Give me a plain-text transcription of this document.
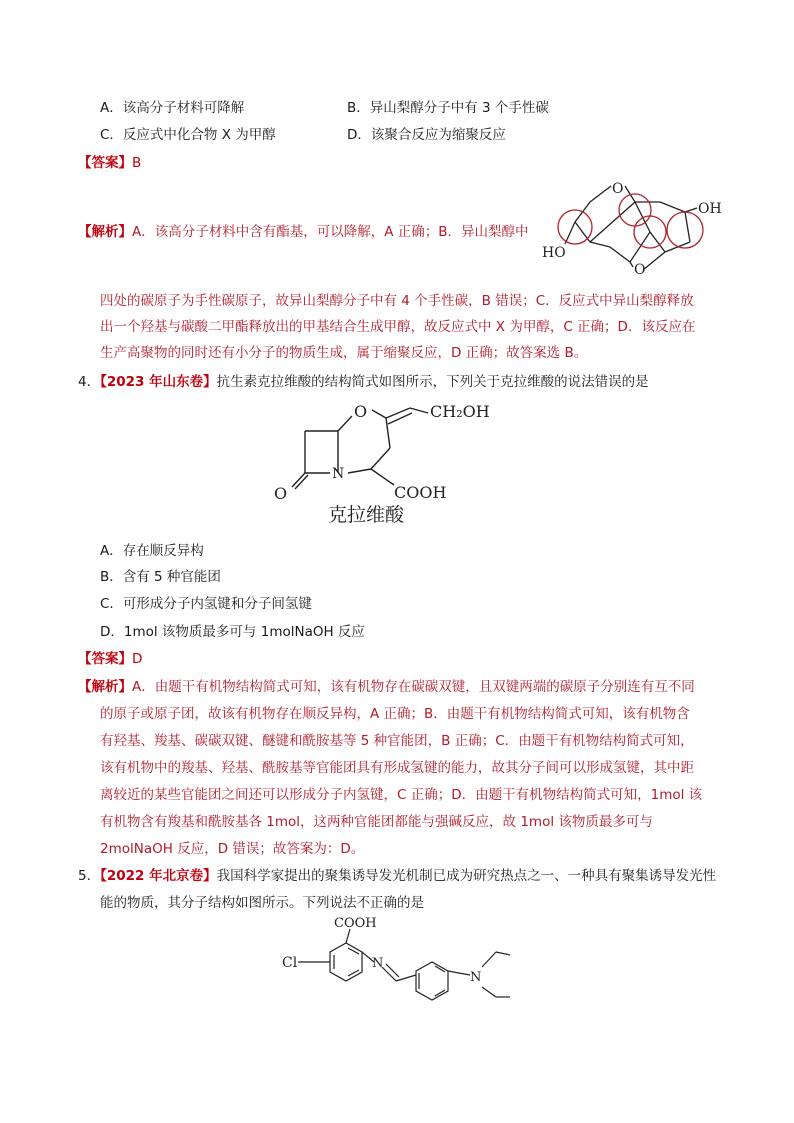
A．该高分子材料可降解	B．异山梨醇分子中有 3 个手性碳
C．反应式中化合物 X 为甲醇	D．该聚合反应为缩聚反应
【答案】B
【解析】A．该高分子材料中含有酯基，可以降解，A 正确；B．异山梨醇中
O
O
OH
HO
四处的碳原子为手性碳原子，故异山梨醇分子中有 4 个手性碳，B 错误；C．反应式中异山梨醇释放
出一个羟基与碳酸二甲酯释放出的甲基结合生成甲醇，故反应式中 X 为甲醇，C 正确；D．该反应在
生产高聚物的同时还有小分子的物质生成，属于缩聚反应，D 正确；故答案选 B。
4．【2023 年山东卷】抗生素克拉维酸的结构简式如图所示，下列关于克拉维酸的说法错误的是
O	CH₂OH
O
N
COOH
克拉维酸
A．存在顺反异构
B．含有 5 种官能团
C．可形成分子内氢键和分子间氢键
D．1mol 该物质最多可与 1molNaOH 反应
【答案】D
【解析】A．由题干有机物结构简式可知，该有机物存在碳碳双键，且双键两端的碳原子分别连有互不同
的原子或原子团，故该有机物存在顺反异构，A 正确；B．由题干有机物结构简式可知，该有机物含
有羟基、羧基、碳碳双键、醚键和酰胺基等 5 种官能团，B 正确；C．由题干有机物结构简式可知，
该有机物中的羧基、羟基、酰胺基等官能团具有形成氢键的能力，故其分子间可以形成氢键，其中距
离较近的某些官能团之间还可以形成分子内氢键，C 正确；D．由题干有机物结构简式可知，1mol 该
有机物含有羧基和酰胺基各 1mol，这两种官能团都能与强碱反应，故 1mol 该物质最多可与
2molNaOH 反应，D 错误；故答案为：D。
5．【2022 年北京卷】我国科学家提出的聚集诱导发光机制已成为研究热点之一、一种具有聚集诱导发光性
能的物质，其分子结构如图所示。下列说法不正确的是
COOH
Cl	N
N
